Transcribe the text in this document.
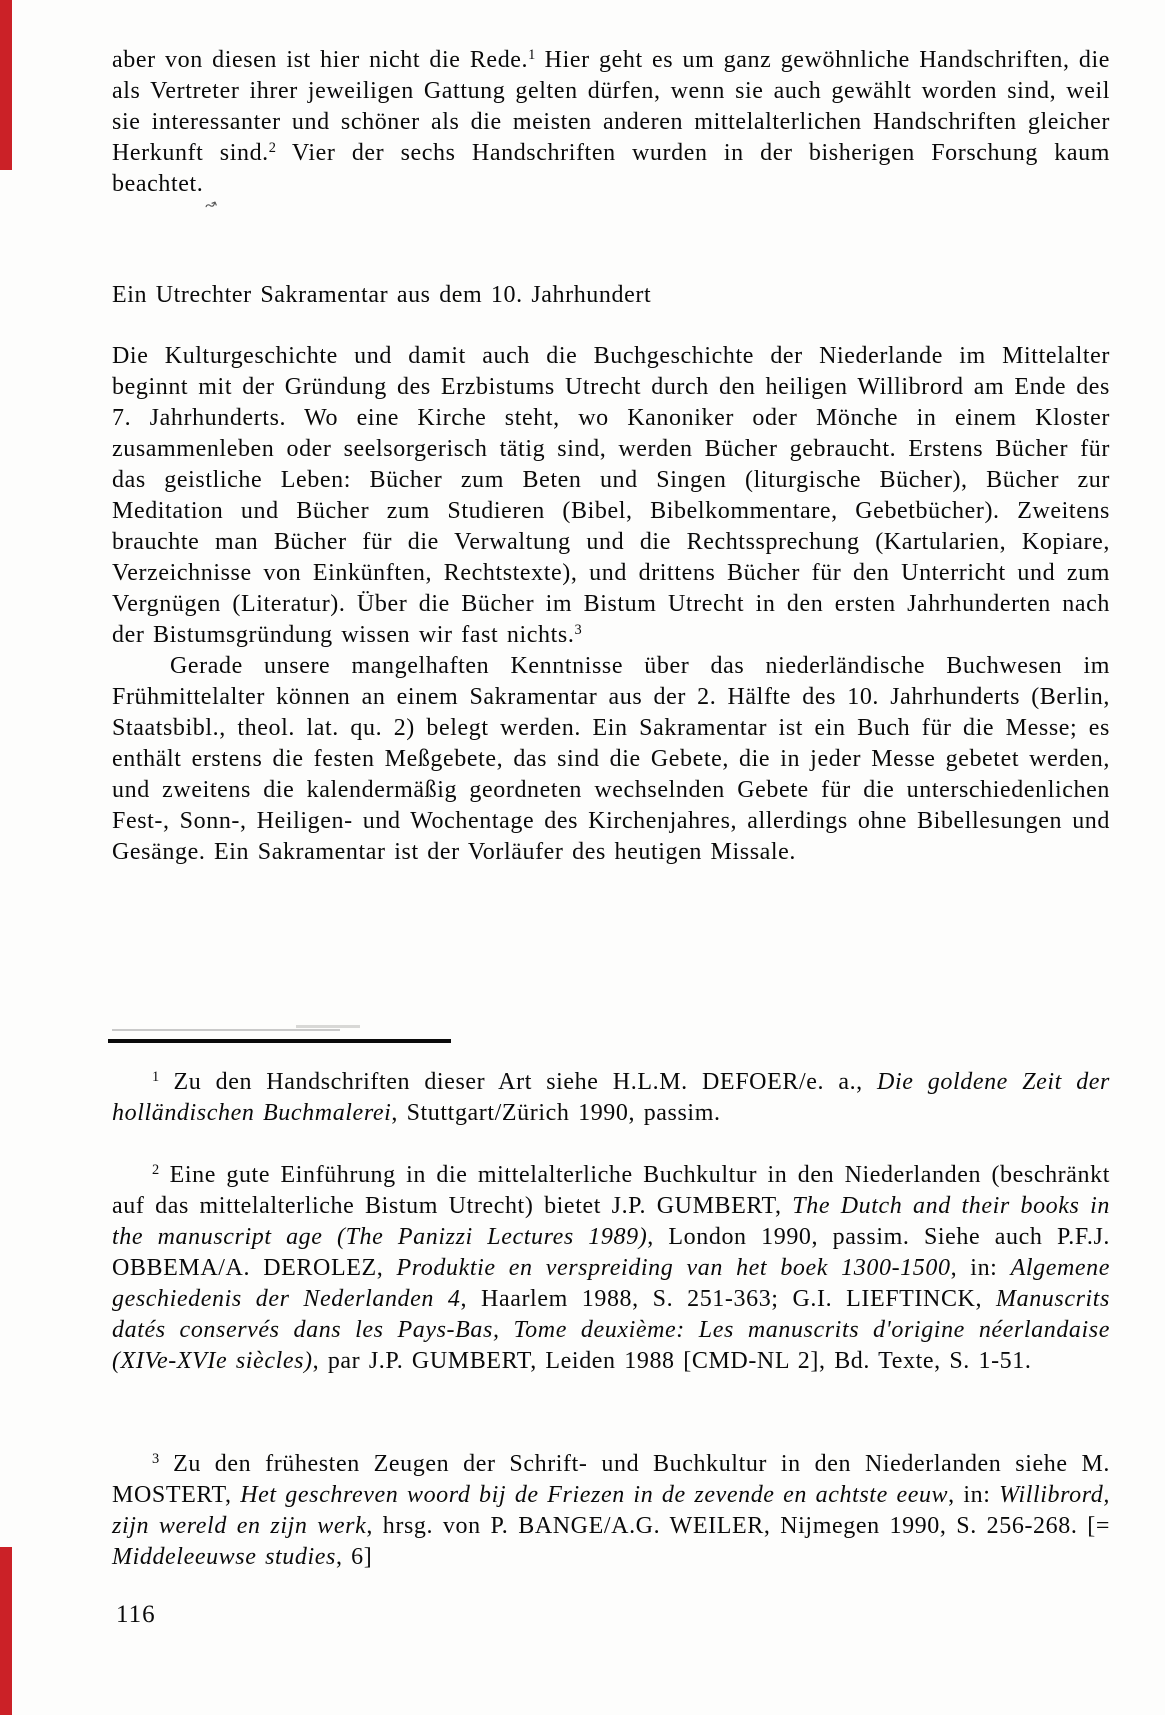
aber von diesen ist hier nicht die Rede.$^1$ Hier geht es um ganz gewöhnliche Handschriften, die als Vertreter ihrer jeweiligen Gattung gelten dürfen, wenn sie auch gewählt worden sind, weil sie interessanter und schöner als die meisten anderen mittelalterlichen Handschriften gleicher Herkunft sind.$^2$ Vier der sechs Handschriften wurden in der bisherigen Forschung kaum beachtet.
↝
Ein Utrechter Sakramentar aus dem 10. Jahrhundert

Die Kulturgeschichte und damit auch die Buchgeschichte der Niederlande im Mittelalter beginnt mit der Gründung des Erzbistums Utrecht durch den heiligen Willibrord am Ende des 7. Jahrhunderts. Wo eine Kirche steht, wo Kanoniker oder Mönche in einem Kloster zusammenleben oder seelsorgerisch tätig sind, werden Bücher gebraucht. Erstens Bücher für das geistliche Leben: Bücher zum Beten und Singen (liturgische Bücher), Bücher zur Meditation und Bücher zum Studieren (Bibel, Bibelkommentare, Gebetbücher). Zweitens brauchte man Bücher für die Verwaltung und die Rechtssprechung (Kartularien, Kopiare, Verzeichnisse von Einkünften, Rechtstexte), und drittens Bücher für den Unterricht und zum Vergnügen (Literatur). Über die Bücher im Bistum Utrecht in den ersten Jahrhunderten nach der Bistumsgründung wissen wir fast nichts.$^3$

Gerade unsere mangelhaften Kenntnisse über das niederländische Buchwesen im Frühmittelalter können an einem Sakramentar aus der 2. Hälfte des 10. Jahrhunderts (Berlin, Staatsbibl., theol. lat. qu. 2) belegt werden. Ein Sakramentar ist ein Buch für die Messe; es enthält erstens die festen Meßgebete, das sind die Gebete, die in jeder Messe gebetet werden, und zweitens die kalendermäßig geordneten wechselnden Gebete für die unterschiedenlichen Fest-, Sonn-, Heiligen- und Wochentage des Kirchenjahres, allerdings ohne Bibellesungen und Gesänge. Ein Sakramentar ist der Vorläufer des heutigen Missale.

$^1$ Zu den Handschriften dieser Art siehe H.L.M. DEFOER/e. a., Die goldene Zeit der holländischen Buchmalerei, Stuttgart/Zürich 1990, passim.
$^2$ Eine gute Einführung in die mittelalterliche Buchkultur in den Niederlanden (beschränkt auf das mittelalterliche Bistum Utrecht) bietet J.P. GUMBERT, The Dutch and their books in the manuscript age (The Panizzi Lectures 1989), London 1990, passim. Siehe auch P.F.J. OBBEMA/A. DEROLEZ, Produktie en verspreiding van het boek 1300-1500, in: Algemene geschiedenis der Nederlanden 4, Haarlem 1988, S. 251-363; G.I. LIEFTINCK, Manuscrits datés conservés dans les Pays-Bas, Tome deuxième: Les manuscrits d'origine néerlandaise (XIVe-XVIe siècles), par J.P. GUMBERT, Leiden 1988 [CMD-NL 2], Bd. Texte, S. 1-51.
$^3$ Zu den frühesten Zeugen der Schrift- und Buchkultur in den Niederlanden siehe M. MOSTERT, Het geschreven woord bij de Friezen in de zevende en achtste eeuw, in: Willibrord, zijn wereld en zijn werk, hrsg. von P. BANGE/A.G. WEILER, Nijmegen 1990, S. 256-268. [= Middeleeuwse studies, 6]
116
